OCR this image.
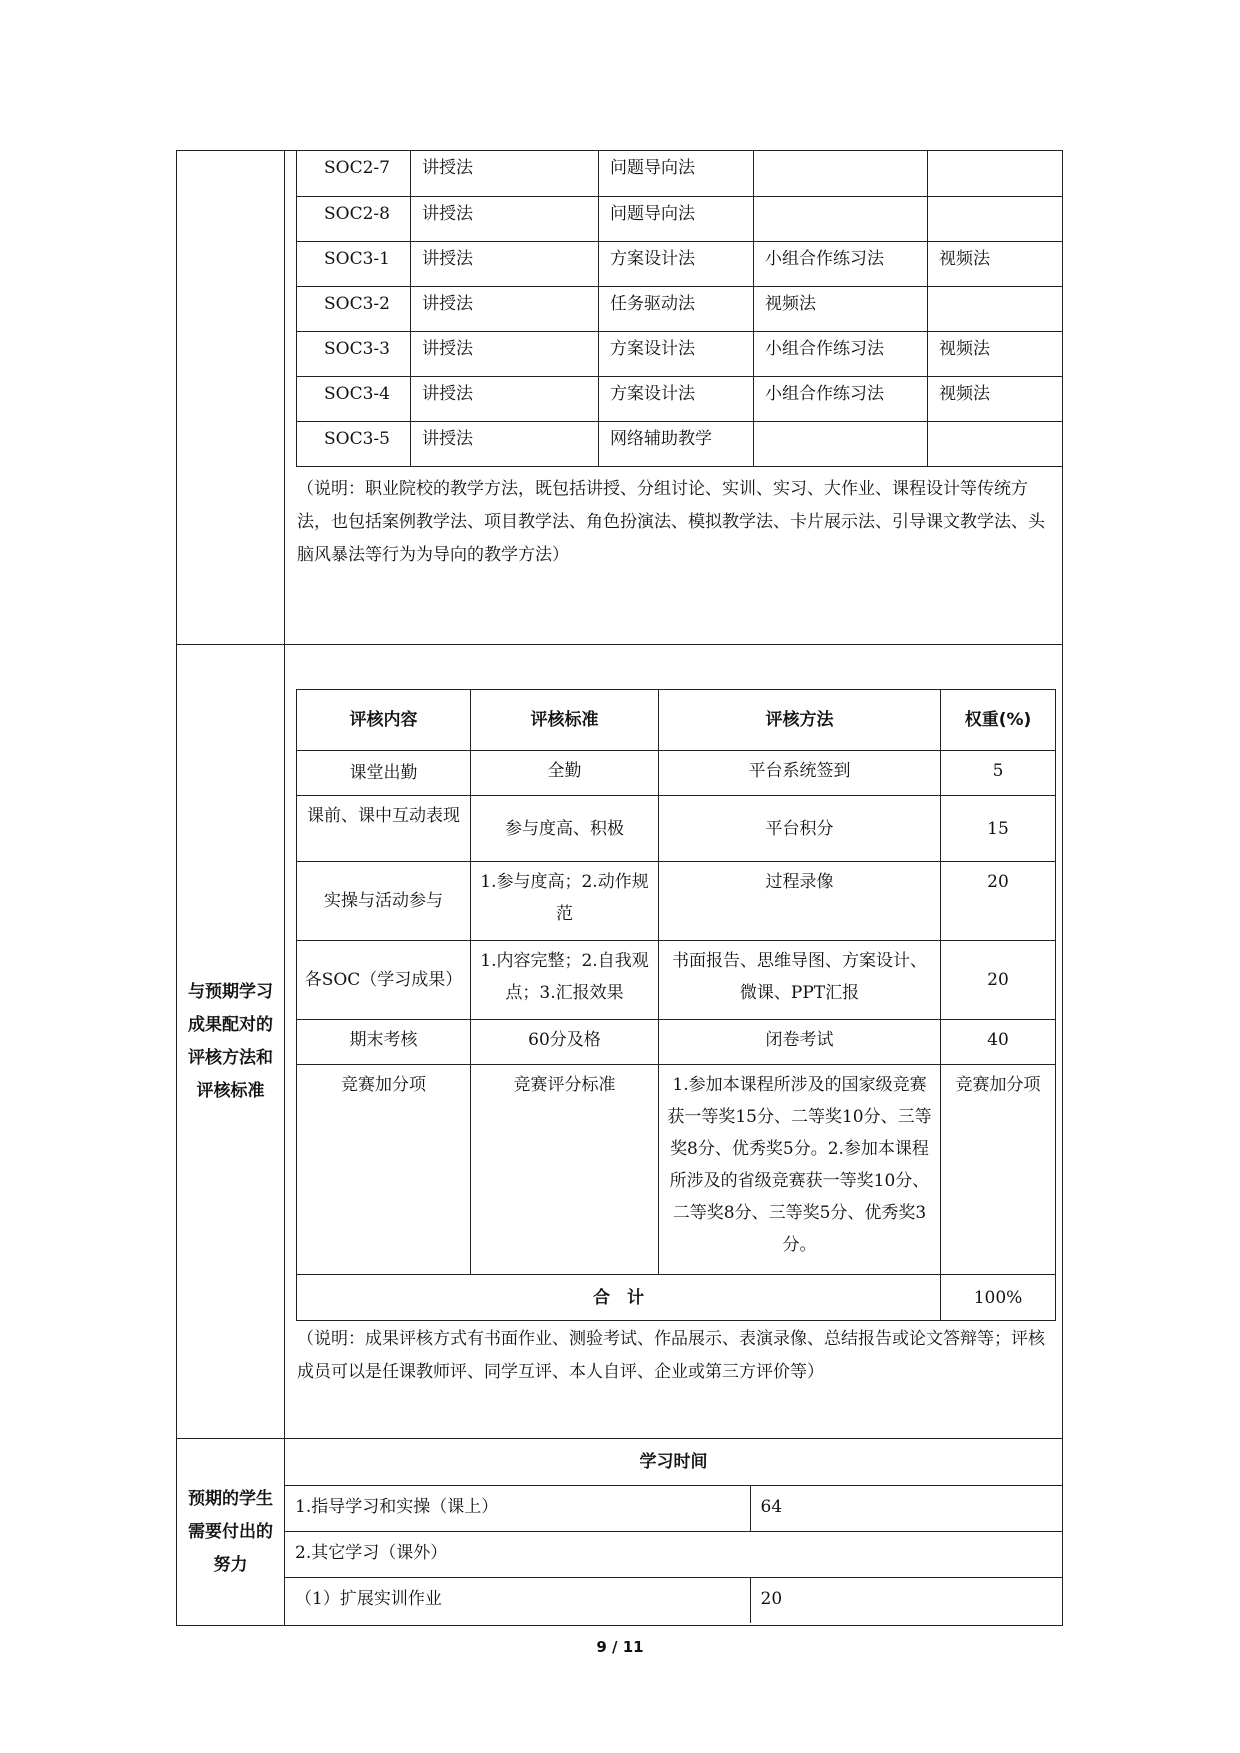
SOC2-7	讲授法	问题导向法		
SOC2-8	讲授法	问题导向法		
SOC3-1	讲授法	方案设计法	小组合作练习法	视频法
SOC3-2	讲授法	任务驱动法	视频法	
SOC3-3	讲授法	方案设计法	小组合作练习法	视频法
SOC3-4	讲授法	方案设计法	小组合作练习法	视频法
SOC3-5	讲授法	网络辅助教学		

（说明：职业院校的教学方法，既包括讲授、分组讨论、实训、实习、大作业、课程设计等传统方法，也包括案例教学法、项目教学法、角色扮演法、模拟教学法、卡片展示法、引导课文教学法、头脑风暴法等行为为导向的教学方法）

与预期学习成果配对的评核方法和评核标准

评核内容	评核标准	评核方法	权重(%)
课堂出勤	全勤	平台系统签到	5
课前、课中互动表现	参与度高、积极	平台积分	15
实操与活动参与	1.参与度高；2.动作规范	过程录像	20
各SOC（学习成果）	1.内容完整；2.自我观点；3.汇报效果	书面报告、思维导图、方案设计、微课、PPT汇报	20
期末考核	60分及格	闭卷考试	40
竞赛加分项	竞赛评分标准	1.参加本课程所涉及的国家级竞赛获一等奖15分、二等奖10分、三等奖8分、优秀奖5分。2.参加本课程所涉及的省级竞赛获一等奖10分、二等奖8分、三等奖5分、优秀奖3分。	竞赛加分项
合　计	100%

（说明：成果评核方式有书面作业、测验考试、作品展示、表演录像、总结报告或论文答辩等；评核成员可以是任课教师评、同学互评、本人自评、企业或第三方评价等）

预期的学生需要付出的努力

学习时间
1.指导学习和实操（课上）	64
2.其它学习（课外）
（1）扩展实训作业	20
9 / 11
